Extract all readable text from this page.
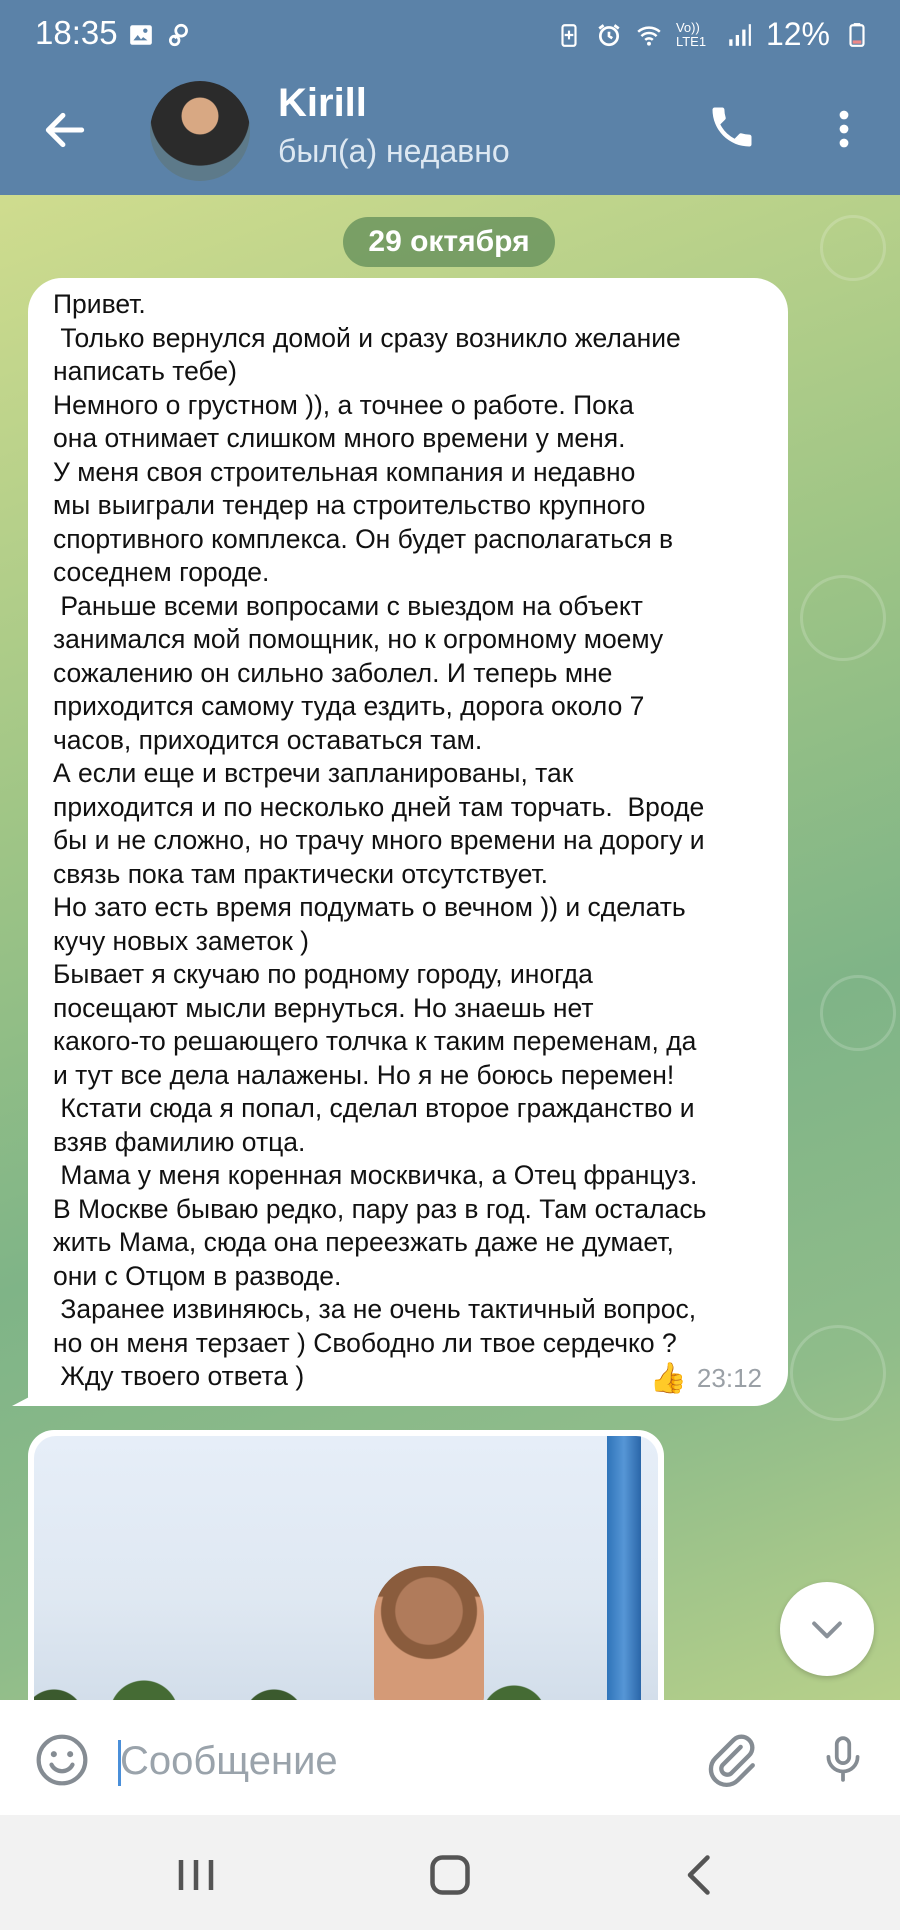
18:35	Vo)) LTE1 12%
Kirill
был(а) недавно
29 октября

Привет.
Только вернулся домой и сразу возникло желание
написать тебе)
Немного о грустном )), а точнее о работе. Пока
она отнимает слишком много времени у меня.
У меня своя строительная компания и недавно
мы выиграли тендер на строительство крупного
спортивного комплекса. Он будет располагаться в
соседнем городе.
Раньше всеми вопросами с выездом на объект
занимался мой помощник, но к огромному моему
сожалению он сильно заболел. И теперь мне
приходится самому туда ездить, дорога около 7
часов, приходится оставаться там.
А если еще и встречи запланированы, так
приходится и по несколько дней там торчать.  Вроде
бы и не сложно, но трачу много времени на дорогу и
связь пока там практически отсутствует.
Но зато есть время подумать о вечном )) и сделать
кучу новых заметок )
Бывает я скучаю по родному городу, иногда
посещают мысли вернуться. Но знаешь нет
какого-то решающего толчка к таким переменам, да
и тут все дела налажены. Но я не боюсь перемен!
Кстати сюда я попал, сделал второе гражданство и
взяв фамилию отца.
Мама у меня коренная москвичка, а Отец француз.
В Москве бываю редко, пару раз в год. Там осталась
жить Мама, сюда она переезжать даже не думает,
они с Отцом в разводе.
Заранее извиняюсь, за не очень тактичный вопрос,
но он меня терзает ) Свободно ли твое сердечко ?
Жду твоего ответа )	👍 23:12
Сообщение
